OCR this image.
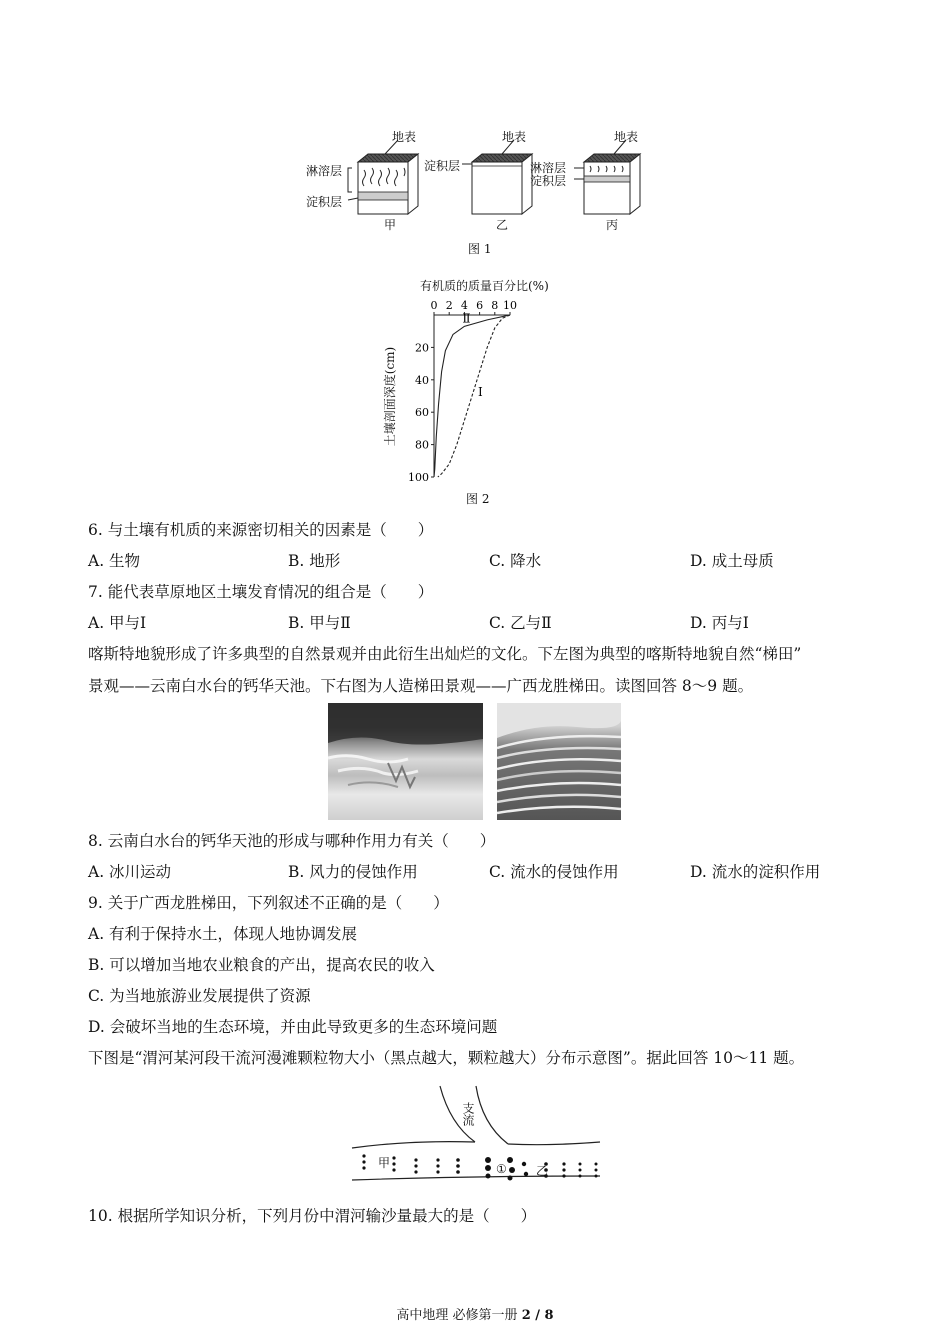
地表	地表	地表
淋溶层
淀积层
淀积层	淋溶层
淀积层
甲	乙	丙
图 1
有机质的质量百分比(%)
土壤剖面深度(cm)
0 2 4 6 8 10
20
40
60
80
100
Ⅰ
Ⅱ
图 2
6. 与土壤有机质的来源密切相关的因素是（　　）
A. 生物	B. 地形	C. 降水	D. 成土母质
7. 能代表草原地区土壤发育情况的组合是（　　）
A. 甲与Ⅰ	B. 甲与Ⅱ	C. 乙与Ⅱ	D. 丙与Ⅰ
喀斯特地貌形成了许多典型的自然景观并由此衍生出灿烂的文化。下左图为典型的喀斯特地貌自然“梯田”
景观——云南白水台的钙华天池。下右图为人造梯田景观——广西龙胜梯田。读图回答 8～9 题。
8. 云南白水台的钙华天池的形成与哪种作用力有关（　　）
A. 冰川运动	B. 风力的侵蚀作用	C. 流水的侵蚀作用	D. 流水的淀积作用
9. 关于广西龙胜梯田，下列叙述不正确的是（　　）
A. 有利于保持水土，体现人地协调发展
B. 可以增加当地农业粮食的产出，提高农民的收入
C. 为当地旅游业发展提供了资源
D. 会破坏当地的生态环境，并由此导致更多的生态环境问题
下图是“渭河某河段干流河漫滩颗粒物大小（黑点越大，颗粒越大）分布示意图”。据此回答 10～11 题。
支流
甲	① 乙
10. 根据所学知识分析，下列月份中渭河输沙量最大的是（　　）
高中地理 必修第一册 2 / 8
